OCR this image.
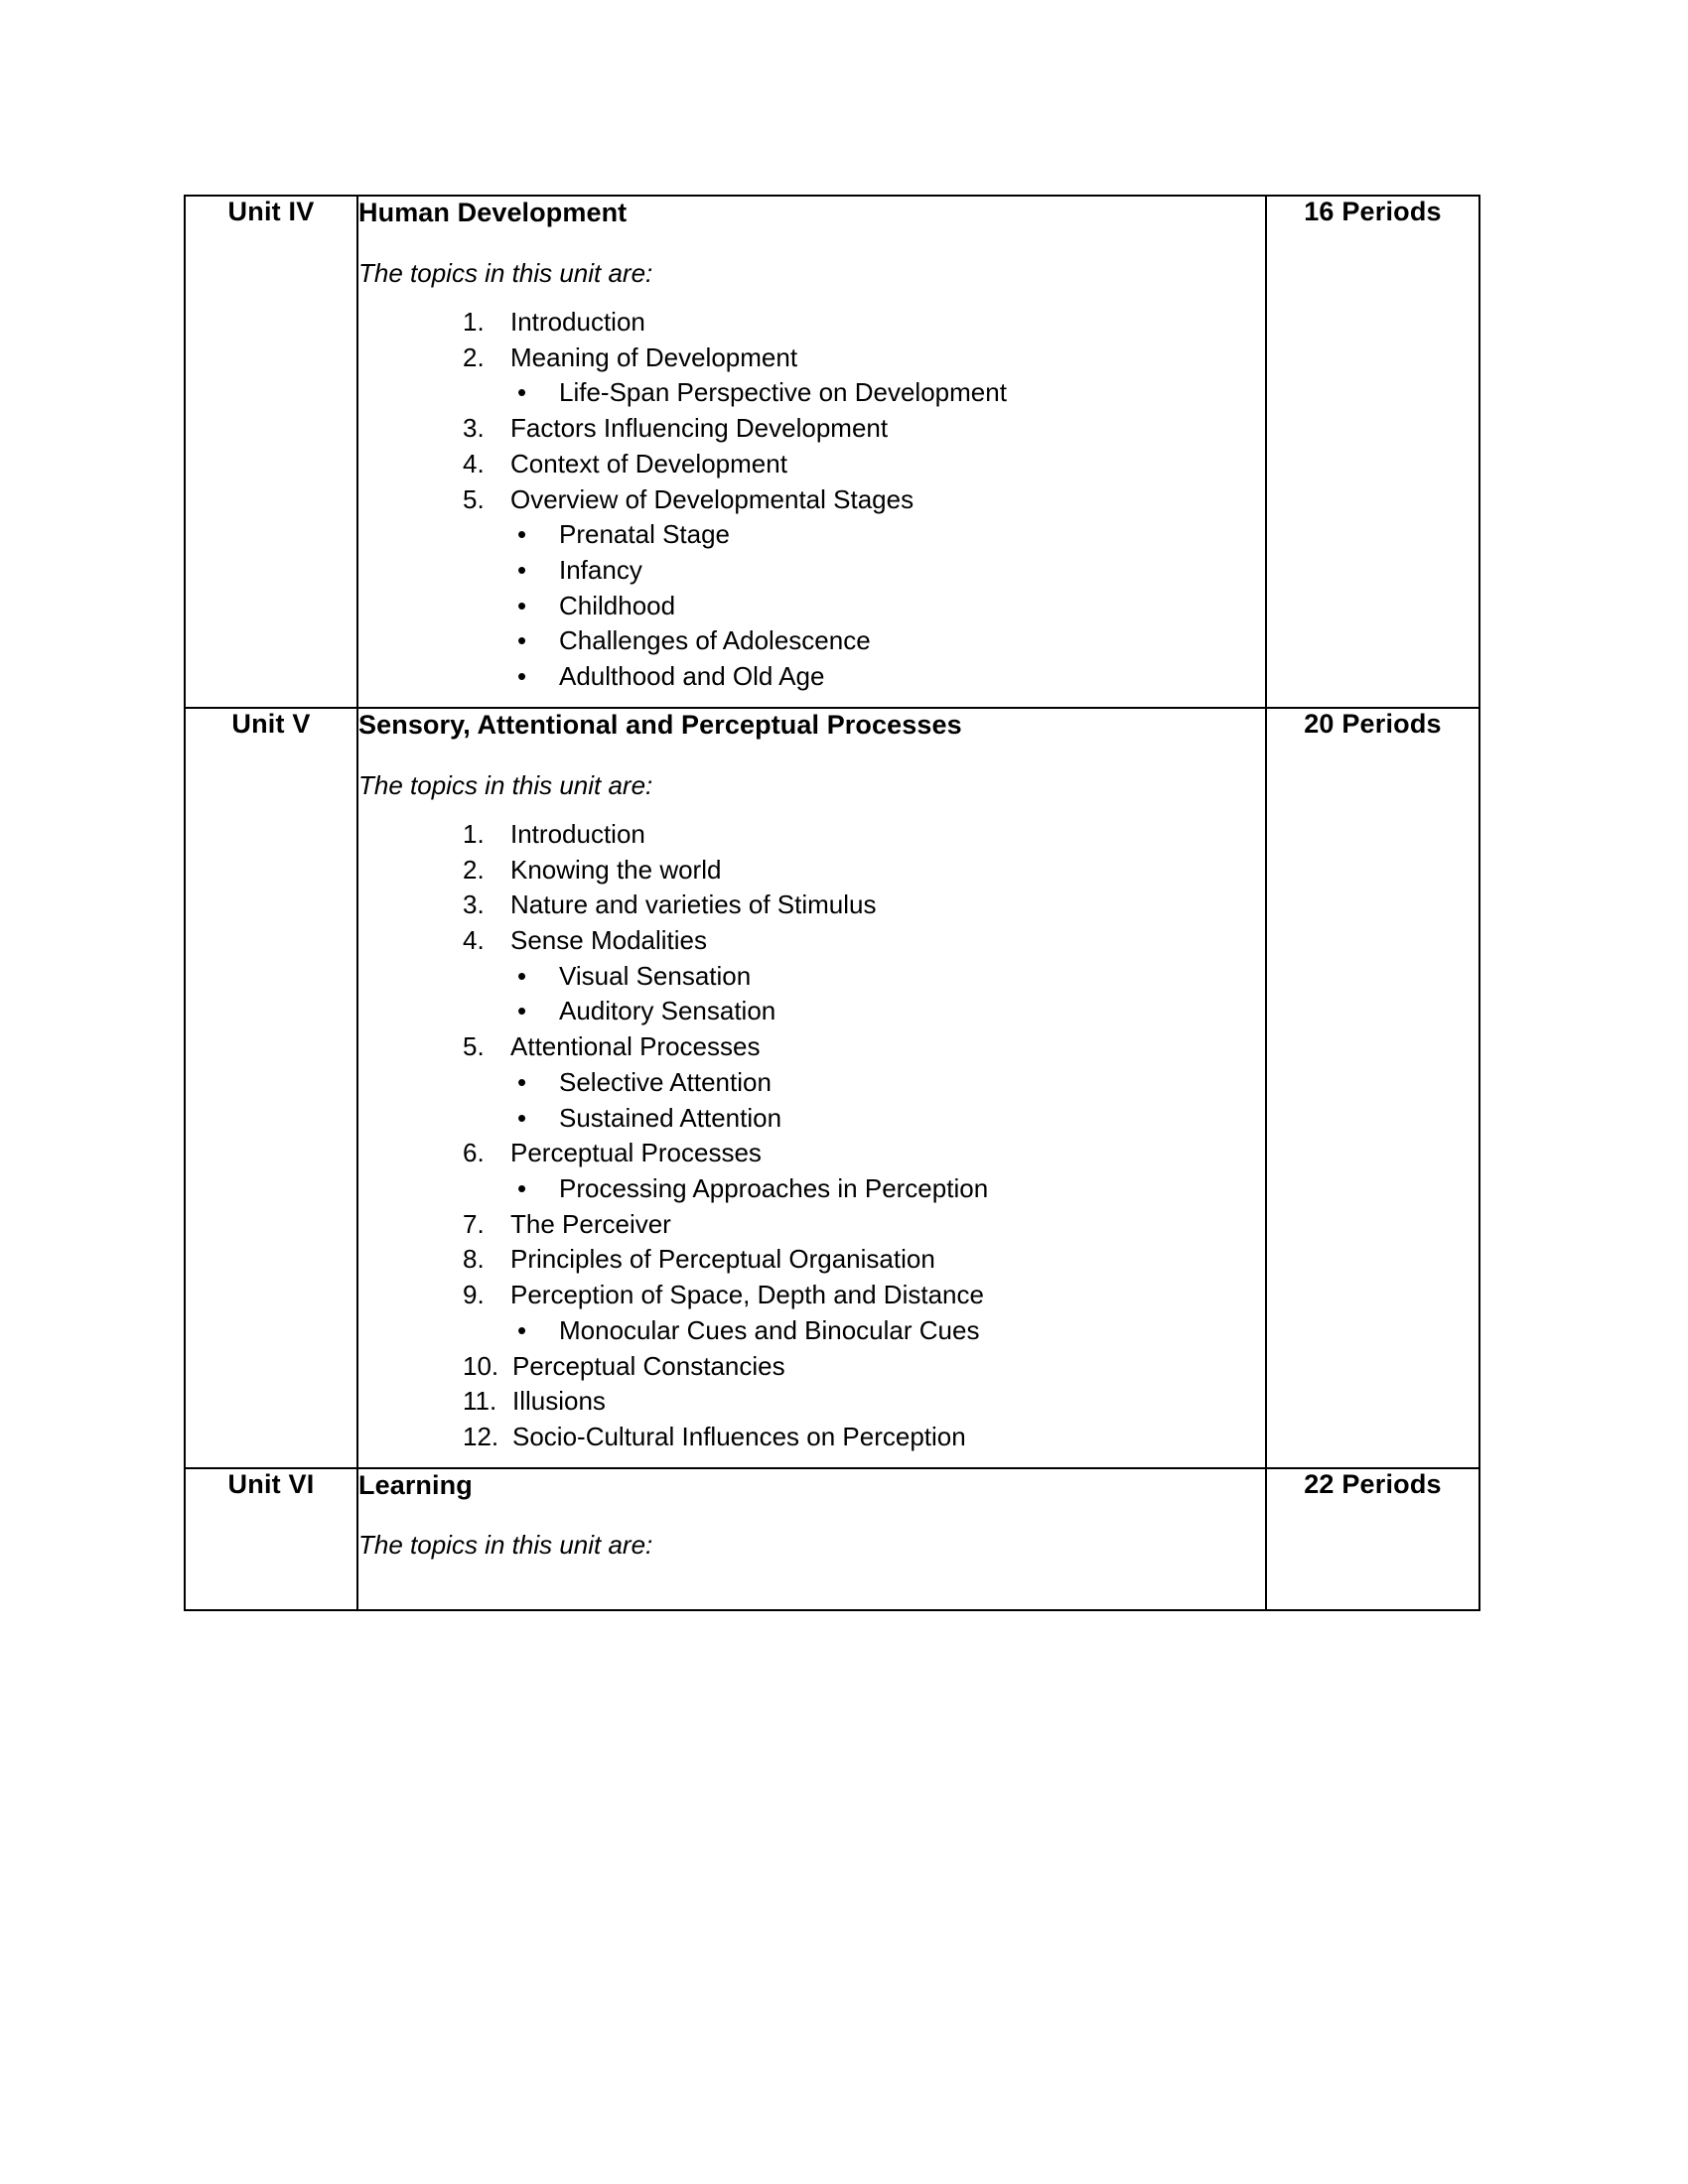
Unit IV	Human Development
The topics in this unit are:
1.	Introduction
2.	Meaning of Development
•	Life-Span Perspective on Development
3.	Factors Influencing Development
4.	Context of Development
5.	Overview of Developmental Stages
•	Prenatal Stage
•	Infancy
•	Childhood
•	Challenges of Adolescence
•	Adulthood and Old Age
	16 Periods
Unit V	Sensory, Attentional and Perceptual Processes
The topics in this unit are:
1.	Introduction
2.	Knowing the world
3.	Nature and varieties of Stimulus
4.	Sense Modalities
•	Visual Sensation
•	Auditory Sensation
5.	Attentional Processes
•	Selective Attention
•	Sustained Attention
6.	Perceptual Processes
•	Processing Approaches in Perception
7.	The Perceiver
8.	Principles of Perceptual Organisation
9.	Perception of Space, Depth and Distance
•	Monocular Cues and Binocular Cues
10. Perceptual Constancies
11. Illusions
12. Socio-Cultural Influences on Perception
	20 Periods
Unit VI	Learning
The topics in this unit are:	22 Periods
